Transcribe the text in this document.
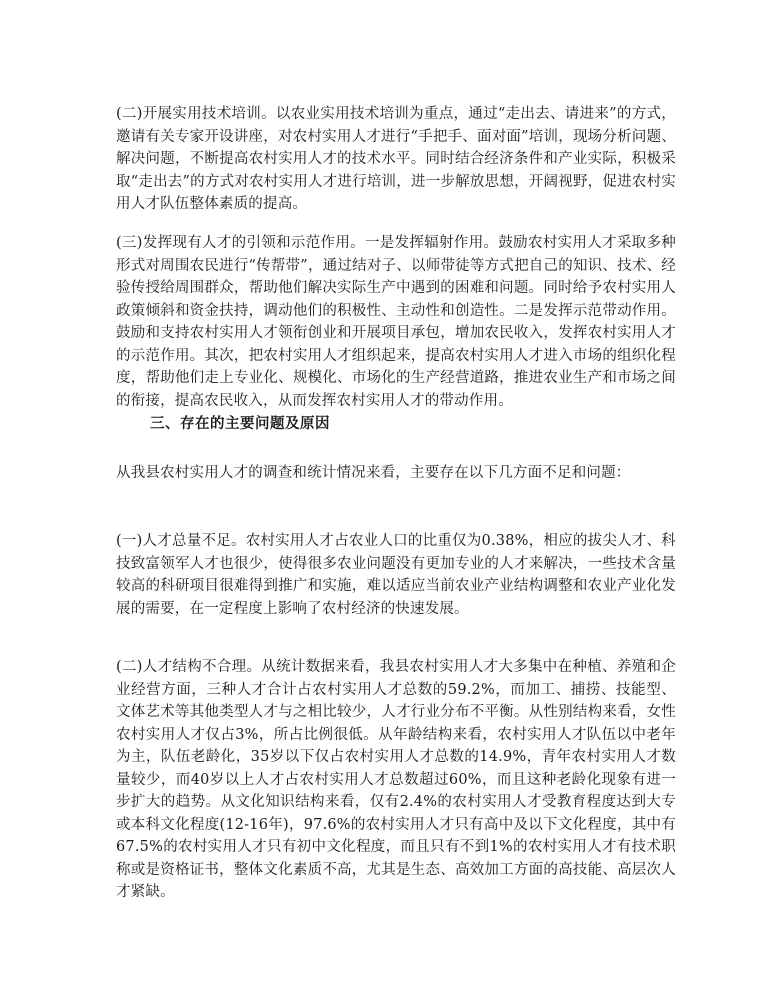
(二)开展实用技术培训。以农业实用技术培训为重点，通过“走出去、请进来”的方式，邀请有关专家开设讲座，对农村实用人才进行“手把手、面对面”培训，现场分析问题、解决问题，不断提高农村实用人才的技术水平。同时结合经济条件和产业实际，积极采取“走出去”的方式对农村实用人才进行培训，进一步解放思想，开阔视野，促进农村实用人才队伍整体素质的提高。

(三)发挥现有人才的引领和示范作用。一是发挥辐射作用。鼓励农村实用人才采取多种形式对周围农民进行“传帮带”，通过结对子、以师带徒等方式把自己的知识、技术、经验传授给周围群众，帮助他们解决实际生产中遇到的困难和问题。同时给予农村实用人政策倾斜和资金扶持，调动他们的积极性、主动性和创造性。二是发挥示范带动作用。鼓励和支持农村实用人才领衔创业和开展项目承包，增加农民收入，发挥农村实用人才的示范作用。其次，把农村实用人才组织起来，提高农村实用人才进入市场的组织化程度，帮助他们走上专业化、规模化、市场化的生产经营道路，推进农业生产和市场之间的衔接，提高农民收入，从而发挥农村实用人才的带动作用。

三、存在的主要问题及原因

从我县农村实用人才的调查和统计情况来看，主要存在以下几方面不足和问题：

(一)人才总量不足。农村实用人才占农业人口的比重仅为0.38%，相应的拔尖人才、科技致富领军人才也很少，使得很多农业问题没有更加专业的人才来解决，一些技术含量较高的科研项目很难得到推广和实施，难以适应当前农业产业结构调整和农业产业化发展的需要，在一定程度上影响了农村经济的快速发展。

(二)人才结构不合理。从统计数据来看，我县农村实用人才大多集中在种植、养殖和企业经营方面，三种人才合计占农村实用人才总数的59.2%，而加工、捕捞、技能型、文体艺术等其他类型人才与之相比较少，人才行业分布不平衡。从性别结构来看，女性农村实用人才仅占3%，所占比例很低。从年龄结构来看，农村实用人才队伍以中老年为主，队伍老龄化，35岁以下仅占农村实用人才总数的14.9%，青年农村实用人才数量较少，而40岁以上人才占农村实用人才总数超过60%，而且这种老龄化现象有进一步扩大的趋势。从文化知识结构来看，仅有2.4%的农村实用人才受教育程度达到大专或本科文化程度(12-16年)，97.6%的农村实用人才只有高中及以下文化程度，其中有67.5%的农村实用人才只有初中文化程度，而且只有不到1%的农村实用人才有技术职称或是资格证书，整体文化素质不高，尤其是生态、高效加工方面的高技能、高层次人才紧缺。
